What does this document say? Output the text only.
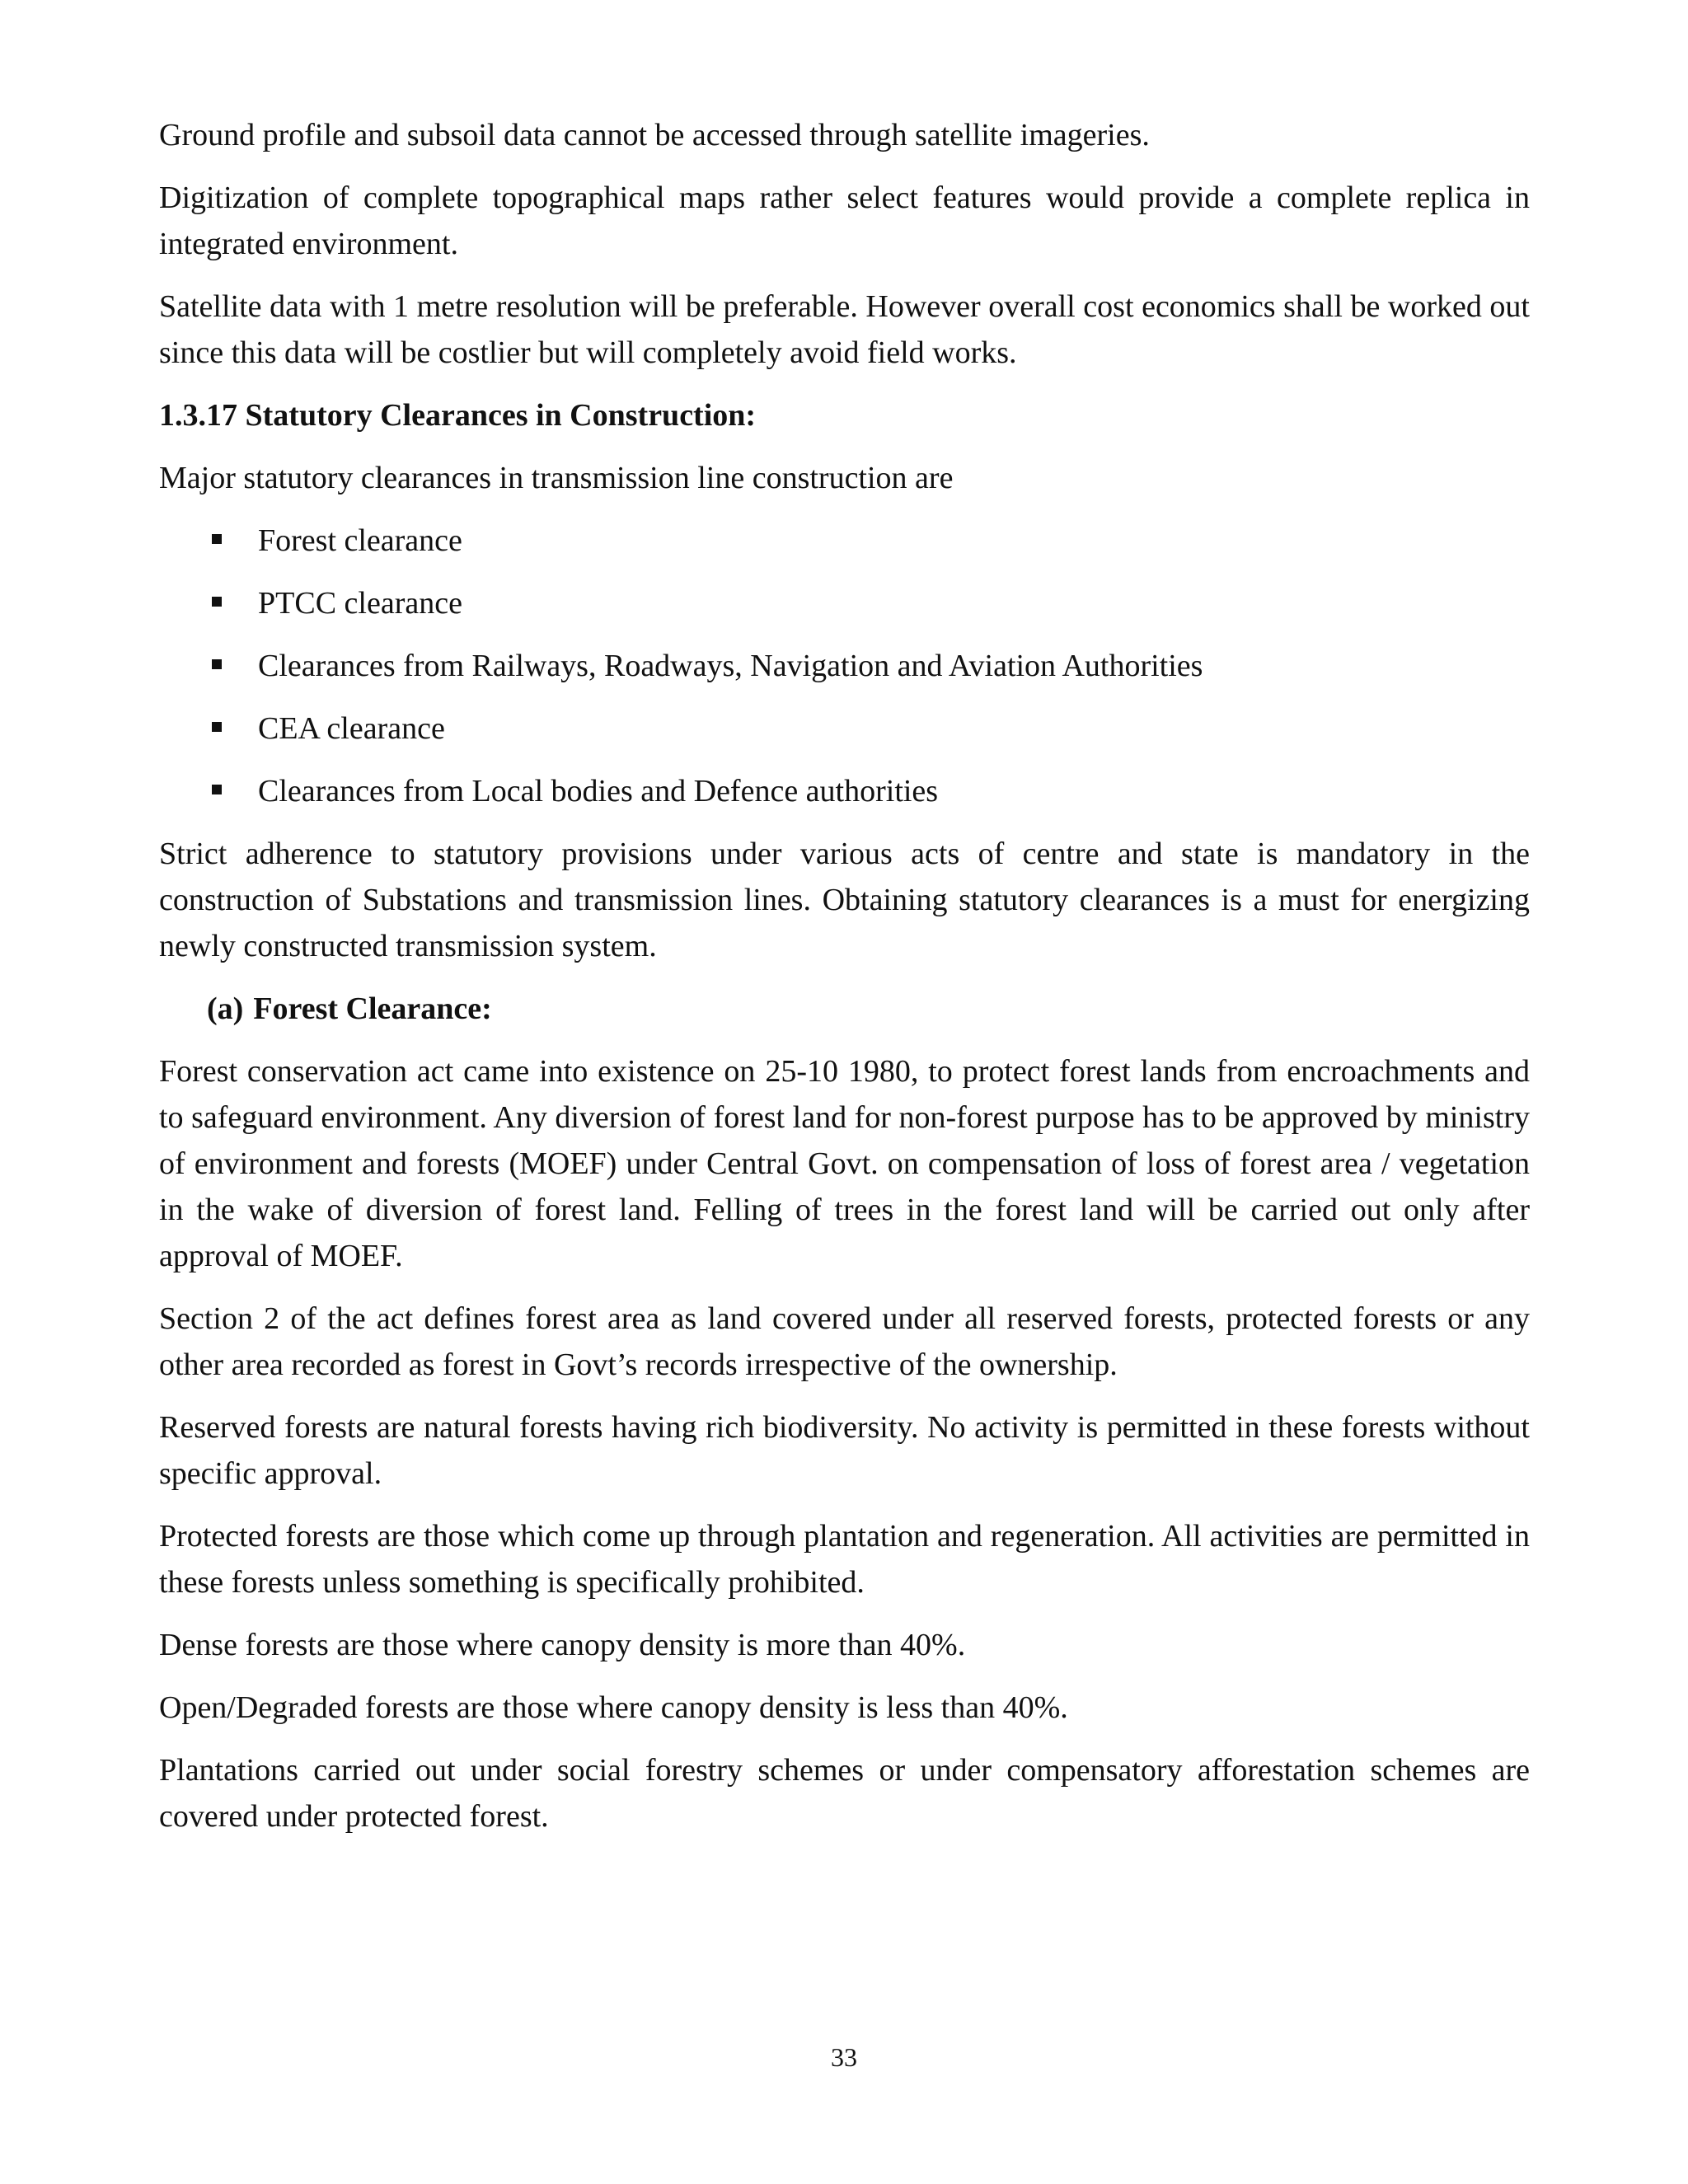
Ground profile and subsoil data cannot be accessed through satellite imageries.

Digitization of complete topographical maps rather select features would provide a complete replica in integrated environment.

Satellite data with 1 metre resolution will be preferable. However overall cost economics shall be worked out since this data will be costlier but will completely avoid field works.

1.3.17 Statutory Clearances in Construction:

Major statutory clearances in transmission line construction are

Forest clearance
PTCC clearance
Clearances from Railways, Roadways, Navigation and Aviation Authorities
CEA clearance
Clearances from Local bodies and Defence authorities

Strict adherence to statutory provisions under various acts of centre and state is mandatory in the construction of Substations and transmission lines. Obtaining statutory clearances is a must for energizing newly constructed transmission system.

(a) Forest Clearance:

Forest conservation act came into existence on 25-10 1980, to protect forest lands from encroachments and to safeguard environment. Any diversion of forest land for non-forest purpose has to be approved by ministry of environment and forests (MOEF) under Central Govt. on compensation of loss of forest area / vegetation in the wake of diversion of forest land. Felling of trees in the forest land will be carried out only after approval of MOEF.

Section 2 of the act defines forest area as land covered under all reserved forests, protected forests or any other area recorded as forest in Govt’s records irrespective of the ownership.

Reserved forests are natural forests having rich biodiversity. No activity is permitted in these forests without specific approval.

Protected forests are those which come up through plantation and regeneration. All activities are permitted in these forests unless something is specifically prohibited.

Dense forests are those where canopy density is more than 40%.

Open/Degraded forests are those where canopy density is less than 40%.

Plantations carried out under social forestry schemes or under compensatory afforestation schemes are covered under protected forest.

33
